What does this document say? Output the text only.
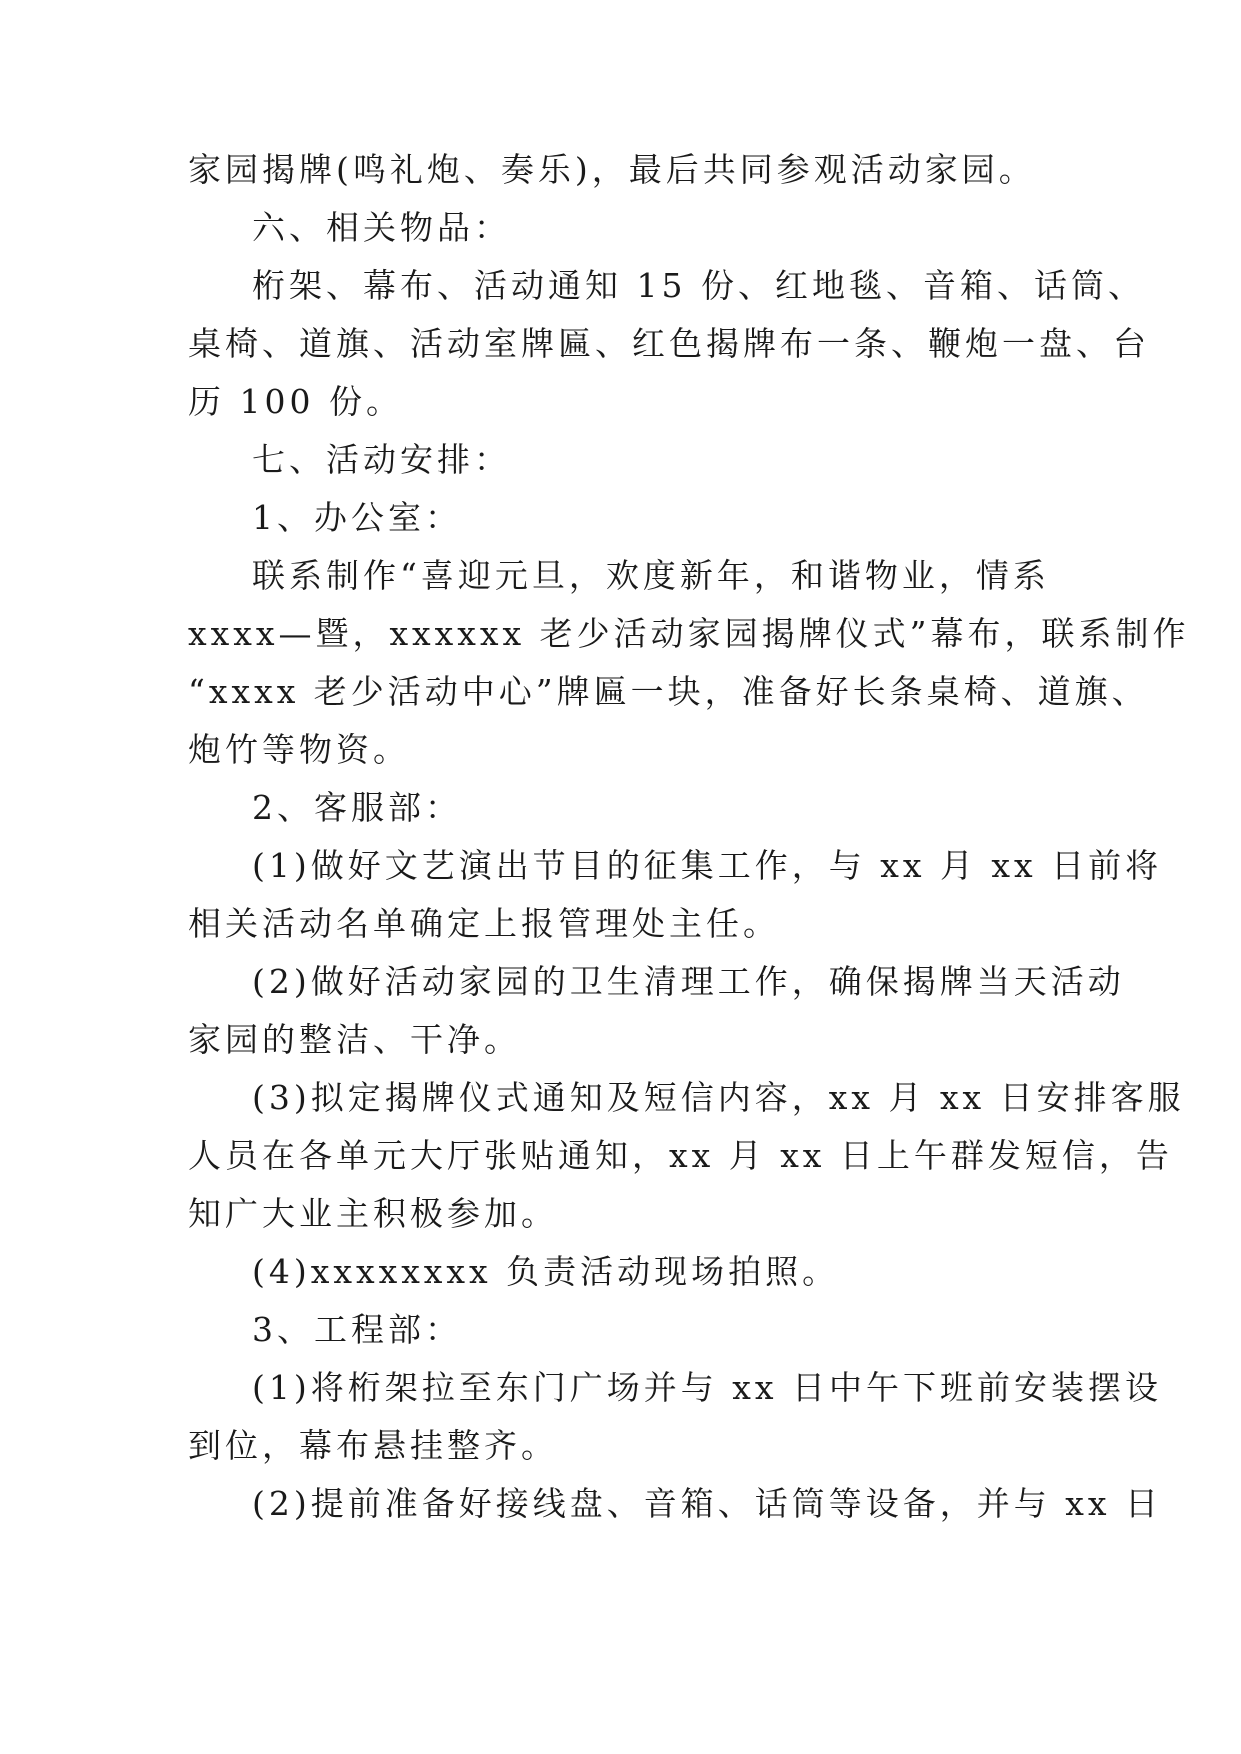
家园揭牌(鸣礼炮、奏乐)，最后共同参观活动家园。
六、相关物品：
桁架、幕布、活动通知 15 份、红地毯、音箱、话筒、
桌椅、道旗、活动室牌匾、红色揭牌布一条、鞭炮一盘、台
历 100 份。
七、活动安排：
1、办公室：
联系制作“喜迎元旦，欢度新年，和谐物业，情系
xxxx—暨，xxxxxx 老少活动家园揭牌仪式”幕布，联系制作
“xxxx 老少活动中心”牌匾一块，准备好长条桌椅、道旗、
炮竹等物资。
2、客服部：
(1)做好文艺演出节目的征集工作，与 xx 月 xx 日前将
相关活动名单确定上报管理处主任。
(2)做好活动家园的卫生清理工作，确保揭牌当天活动
家园的整洁、干净。
(3)拟定揭牌仪式通知及短信内容，xx 月 xx 日安排客服
人员在各单元大厅张贴通知，xx 月 xx 日上午群发短信，告
知广大业主积极参加。
(4)xxxxxxxx 负责活动现场拍照。
3、工程部：
(1)将桁架拉至东门广场并与 xx 日中午下班前安装摆设
到位，幕布悬挂整齐。
(2)提前准备好接线盘、音箱、话筒等设备，并与 xx 日
